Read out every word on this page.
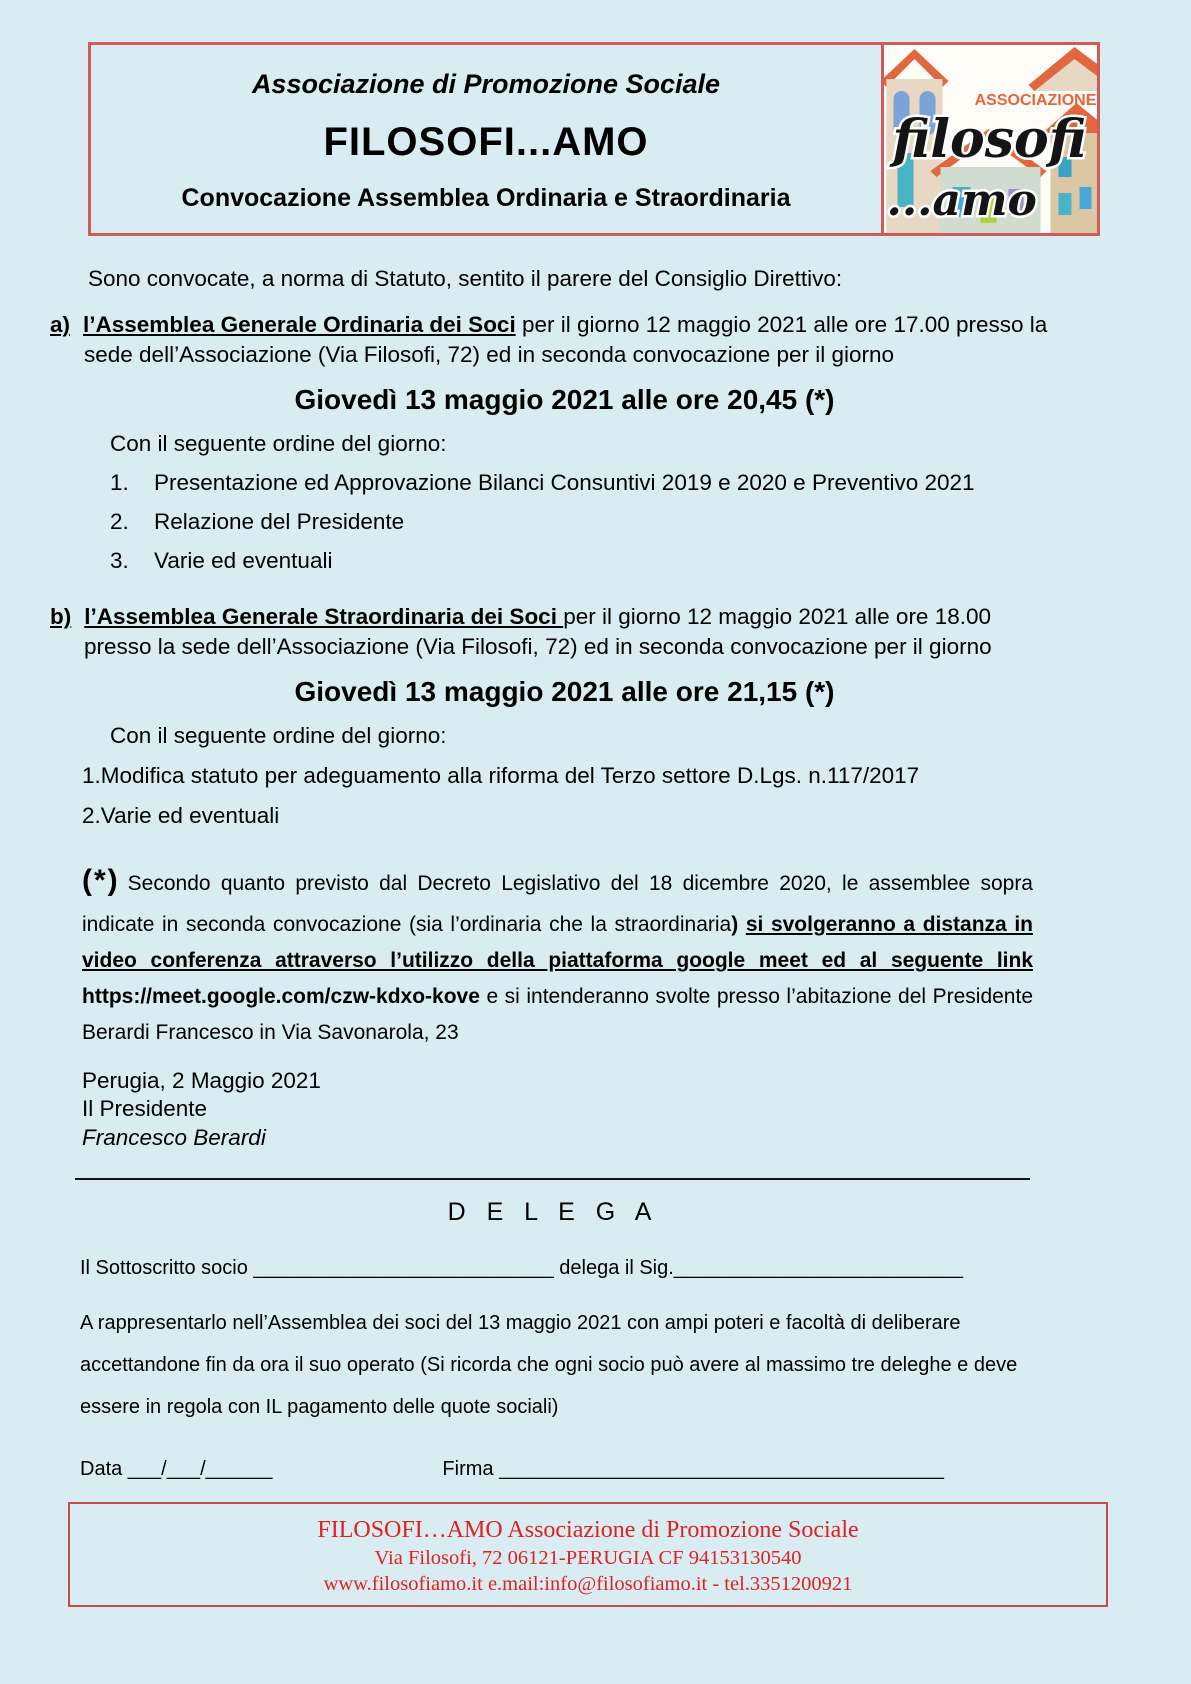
Associazione di Promozione Sociale
FILOSOFI...AMO
Convocazione Assemblea Ordinaria e Straordinaria
ASSOCIAZIONE
filosofi
...amo

Sono convocate, a norma di Statuto, sentito il parere del Consiglio Direttivo:

a) l’Assemblea Generale Ordinaria dei Soci per il giorno 12 maggio 2021 alle ore 17.00 presso la sede dell’Associazione (Via Filosofi, 72) ed in seconda convocazione per il giorno
Giovedì 13 maggio 2021 alle ore 20,45 (*)
Con il seguente ordine del giorno:
1. Presentazione ed Approvazione Bilanci Consuntivi 2019 e 2020 e Preventivo 2021
2. Relazione del Presidente
3. Varie ed eventuali
b) l’Assemblea Generale Straordinaria dei Soci per il giorno 12 maggio 2021 alle ore 18.00 presso la sede dell’Associazione (Via Filosofi, 72) ed in seconda convocazione per il giorno
Giovedì 13 maggio 2021 alle ore 21,15 (*)
Con il seguente ordine del giorno:
1.Modifica statuto per adeguamento alla riforma del Terzo settore D.Lgs. n.117/2017
2.Varie ed eventuali

(*) Secondo quanto previsto dal Decreto Legislativo del 18 dicembre 2020, le assemblee sopra indicate in seconda convocazione (sia l’ordinaria che la straordinaria) si svolgeranno a distanza in video conferenza attraverso l’utilizzo della piattaforma google meet ed al seguente link https://meet.google.com/czw-kdxo-kove e si intenderanno svolte presso l’abitazione del Presidente Berardi Francesco in Via Savonarola, 23

Perugia, 2 Maggio 2021
Il Presidente
Francesco Berardi
D E L E G A
Il Sottoscritto socio ___________________________ delega il Sig.__________________________

A rappresentarlo nell’Assemblea dei soci del 13 maggio 2021 con ampi poteri e facoltà di deliberare accettandone fin da ora il suo operato (Si ricorda che ogni socio può avere al massimo tre deleghe e deve essere in regola con IL pagamento delle quote sociali)

Data ___/___/______	Firma ________________________________________
FILOSOFI…AMO Associazione di Promozione Sociale
Via Filosofi, 72 06121-PERUGIA CF 94153130540
www.filosofiamo.it e.mail:info@filosofiamo.it - tel.3351200921
